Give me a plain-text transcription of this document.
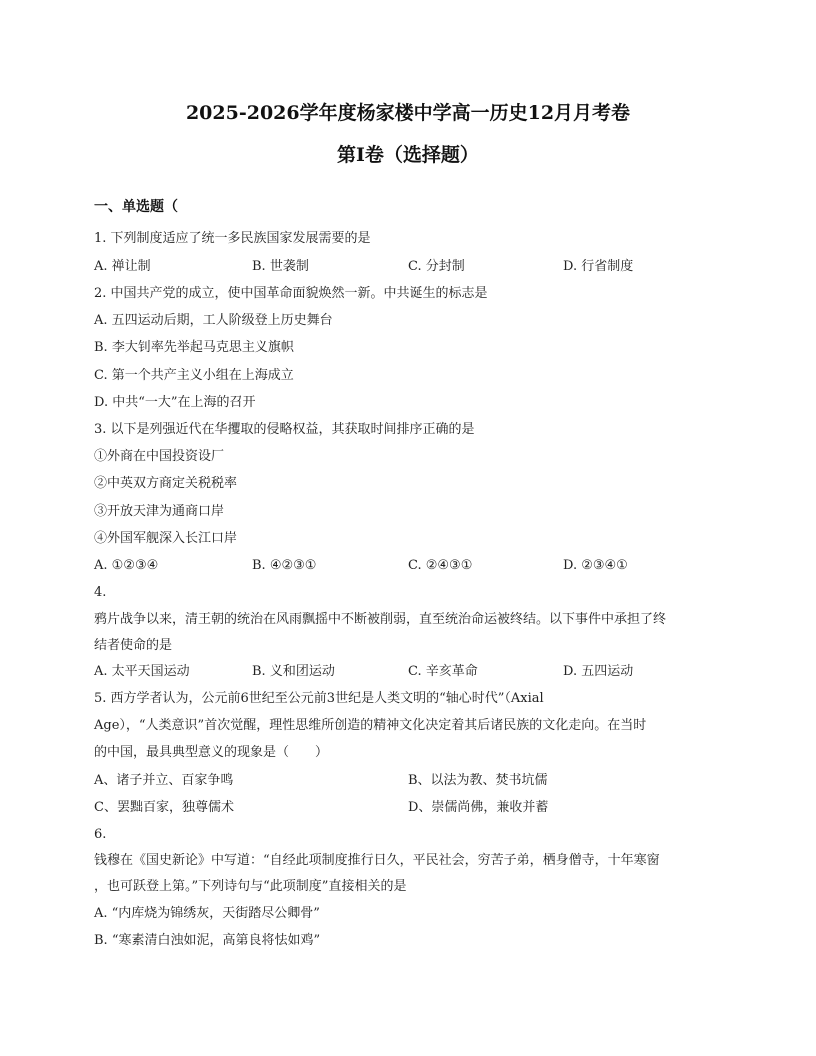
2025-2026学年度杨家楼中学高一历史12月月考卷
第Ⅰ卷（选择题）
一、单选题（
1. 下列制度适应了统一多民族国家发展需要的是
A. 禅让制	B. 世袭制	C. 分封制	D. 行省制度
2. 中国共产党的成立，使中国革命面貌焕然一新。中共诞生的标志是
A. 五四运动后期，工人阶级登上历史舞台
B. 李大钊率先举起马克思主义旗帜
C. 第一个共产主义小组在上海成立
D. 中共“一大”在上海的召开
3. 以下是列强近代在华攫取的侵略权益，其获取时间排序正确的是
①外商在中国投资设厂
②中英双方商定关税税率
③开放天津为通商口岸
④外国军舰深入长江口岸
A. ①②③④	B. ④②③①	C. ②④③①	D. ②③④①
4.
鸦片战争以来，清王朝的统治在风雨飘摇中不断被削弱，直至统治命运被终结。以下事件中承担了终
结者使命的是
A. 太平天国运动	B. 义和团运动	C. 辛亥革命	D. 五四运动
5. 西方学者认为，公元前6世纪至公元前3世纪是人类文明的“轴心时代”（Axial
Age），“人类意识”首次觉醒，理性思维所创造的精神文化决定着其后诸民族的文化走向。在当时
的中国，最具典型意义的现象是（　　）
A、诸子并立、百家争鸣	B、以法为教、焚书坑儒
C、罢黜百家，独尊儒术	D、崇儒尚佛，兼收并蓄
6.
钱穆在《国史新论》中写道：“自经此项制度推行日久，平民社会，穷苦子弟，栖身僧寺，十年寒窗
，也可跃登上第。”下列诗句与“此项制度”直接相关的是
A. “内库烧为锦绣灰，天街踏尽公卿骨”
B. “寒素清白浊如泥，高第良将怯如鸡”
